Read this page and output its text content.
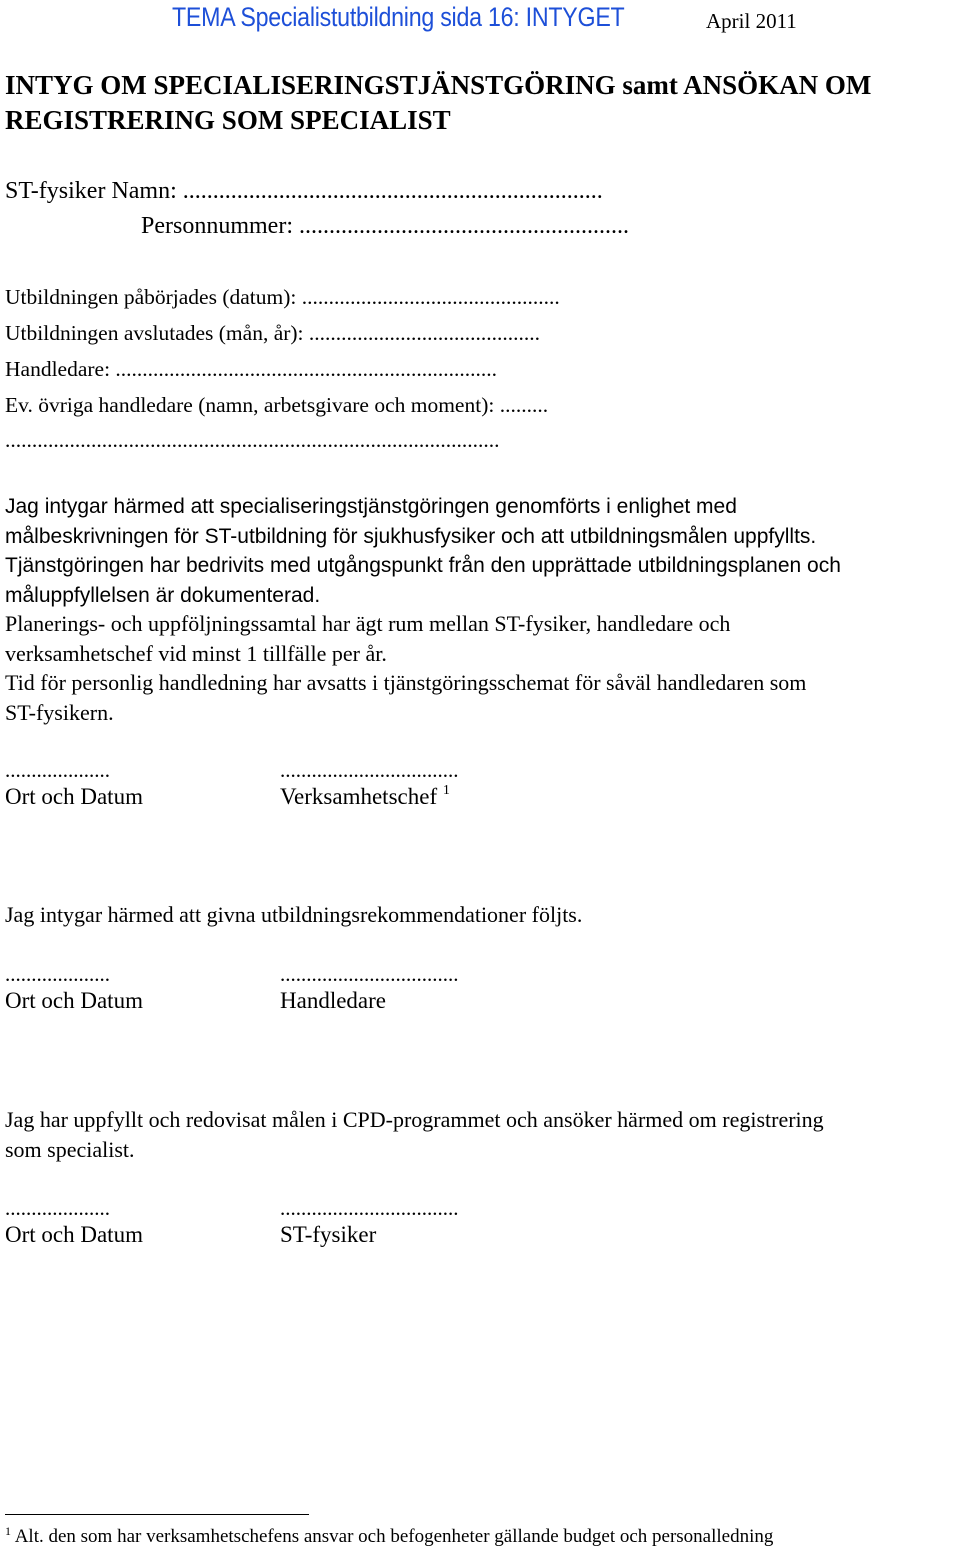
TEMA Specialistutbildning sida 16: INTYGET	April 2011
INTYG OM SPECIALISERINGSTJÄNSTGÖRING samt ANSÖKAN OM REGISTRERING SOM SPECIALIST
ST-fysiker Namn: ......................................................................
Personnummer: .......................................................
Utbildningen påbörjades (datum): ................................................
Utbildningen avslutades (mån, år): ...........................................
Handledare: .......................................................................
Ev. övriga handledare (namn, arbetsgivare och moment): .........
............................................................................................
Jag intygar härmed att specialiseringstjänstgöringen genomförts i enlighet med
målbeskrivningen för ST-utbildning för sjukhusfysiker och att utbildningsmålen uppfyllts.
Tjänstgöringen har bedrivits med utgångspunkt från den upprättade utbildningsplanen och
måluppfyllelsen är dokumenterad.
Planerings- och uppföljningssamtal har ägt rum mellan ST-fysiker, handledare och
verksamhetschef vid minst 1 tillfälle per år.
Tid för personlig handledning har avsatts i tjänstgöringsschemat för såväl handledaren som
ST-fysikern.
....................	..................................
Ort och Datum	Verksamhetschef $^1$
Jag intygar härmed att givna utbildningsrekommendationer följts.
....................	..................................
Ort och Datum	Handledare
Jag har uppfyllt och redovisat målen i CPD-programmet och ansöker härmed om registrering
som specialist.
....................	..................................
Ort och Datum	ST-fysiker
$^1$ Alt. den som har verksamhetschefens ansvar och befogenheter gällande budget och personalledning
